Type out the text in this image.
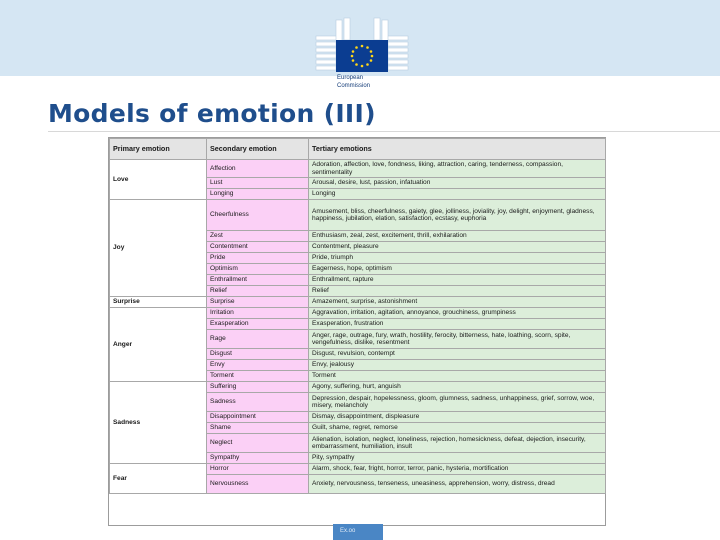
European
Commission
Models of emotion (III)
Primary emotion	Secondary emotion	Tertiary emotions
Love	Affection	Adoration, affection, love, fondness, liking, attraction, caring, tenderness, compassion, sentimentality
	Lust	Arousal, desire, lust, passion, infatuation
	Longing	Longing
Joy	Cheerfulness	Amusement, bliss, cheerfulness, gaiety, glee, jolliness, joviality, joy, delight, enjoyment, gladness, happiness, jubilation, elation, satisfaction, ecstasy, euphoria
	Zest	Enthusiasm, zeal, zest, excitement, thrill, exhilaration
	Contentment	Contentment, pleasure
	Pride	Pride, triumph
	Optimism	Eagerness, hope, optimism
	Enthrallment	Enthrallment, rapture
	Relief	Relief
Surprise	Surprise	Amazement, surprise, astonishment
Anger	Irritation	Aggravation, irritation, agitation, annoyance, grouchiness, grumpiness
	Exasperation	Exasperation, frustration
	Rage	Anger, rage, outrage, fury, wrath, hostility, ferocity, bitterness, hate, loathing, scorn, spite, vengefulness, dislike, resentment
	Disgust	Disgust, revulsion, contempt
	Envy	Envy, jealousy
	Torment	Torment
Sadness	Suffering	Agony, suffering, hurt, anguish
	Sadness	Depression, despair, hopelessness, gloom, glumness, sadness, unhappiness, grief, sorrow, woe, misery, melancholy
	Disappointment	Dismay, disappointment, displeasure
	Shame	Guilt, shame, regret, remorse
	Neglect	Alienation, isolation, neglect, loneliness, rejection, homesickness, defeat, dejection, insecurity, embarrassment, humiliation, insult
	Sympathy	Pity, sympathy
Fear	Horror	Alarm, shock, fear, fright, horror, terror, panic, hysteria, mortification
	Nervousness	Anxiety, nervousness, tenseness, uneasiness, apprehension, worry, distress, dread
Ex.oo
